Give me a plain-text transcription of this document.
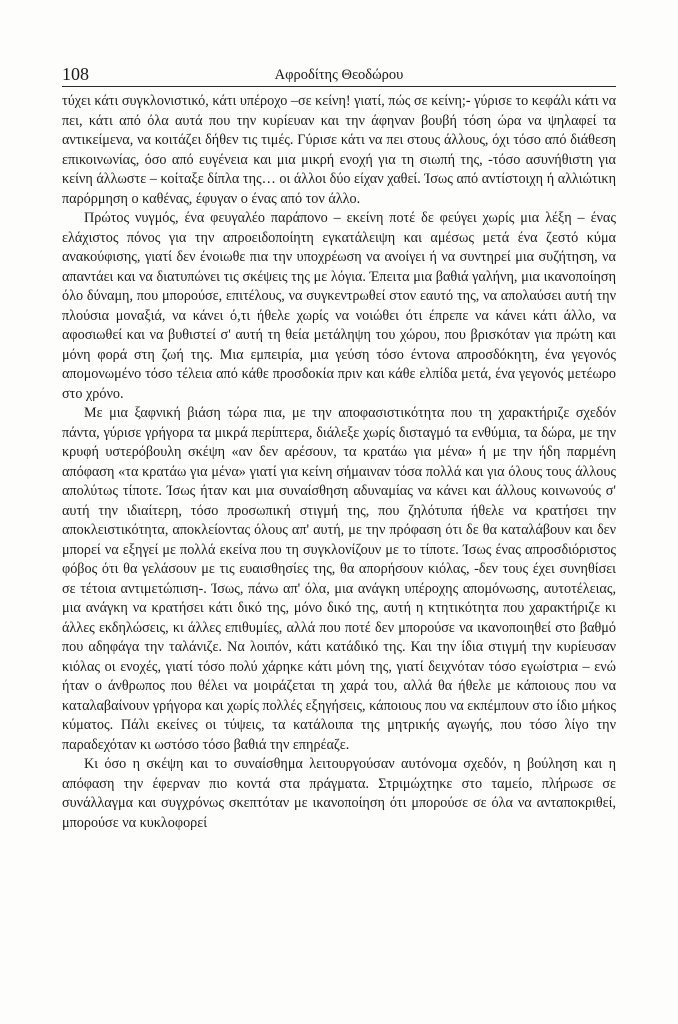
108	Αφροδίτης Θεοδώρου

τύχει κάτι συγκλονιστικό, κάτι υπέροχο –σε κείνη! γιατί, πώς σε κείνη;- γύρισε το κεφάλι κάτι να πει, κάτι από όλα αυτά που την κυρίευαν και την άφηναν βουβή τόση ώρα να ψηλαφεί τα αντικείμενα, να κοιτάζει δήθεν τις τιμές. Γύρισε κάτι να πει στους άλλους, όχι τόσο από διάθεση επικοινωνίας, όσο από ευγένεια και μια μικρή ενοχή για τη σιωπή της, -τόσο ασυνήθιστη για κείνη άλλωστε – κοίταξε δίπλα της… οι άλλοι δύο είχαν χαθεί. Ίσως από αντίστοιχη ή αλλιώτικη παρόρμηση ο καθένας, έφυγαν ο ένας από τον άλλο.

Πρώτος νυγμός, ένα φευγαλέο παράπονο – εκείνη ποτέ δε φεύγει χωρίς μια λέξη – ένας ελάχιστος πόνος για την απροειδοποίητη εγκατάλειψη και αμέσως μετά ένα ζεστό κύμα ανακούφισης, γιατί δεν ένοιωθε πια την υποχρέωση να ανοίγει ή να συντηρεί μια συζήτηση, να απαντάει και να διατυπώνει τις σκέψεις της με λόγια. Έπειτα μια βαθιά γαλήνη, μια ικανοποίηση όλο δύναμη, που μπορούσε, επιτέλους, να συγκεντρωθεί στον εαυτό της, να απολαύσει αυτή την πλούσια μοναξιά, να κάνει ό,τι ήθελε χωρίς να νοιώθει ότι έπρεπε να κάνει κάτι άλλο, να αφοσιωθεί και να βυθιστεί σ' αυτή τη θεία μετάληψη του χώρου, που βρισκόταν για πρώτη και μόνη φορά στη ζωή της. Μια εμπειρία, μια γεύση τόσο έντονα απροσδόκητη, ένα γεγονός απομονωμένο τόσο τέλεια από κάθε προσδοκία πριν και κάθε ελπίδα μετά, ένα γεγονός μετέωρο στο χρόνο.

Με μια ξαφνική βιάση τώρα πια, με την αποφασιστικότητα που τη χαρακτήριζε σχεδόν πάντα, γύρισε γρήγορα τα μικρά περίπτερα, διάλεξε χωρίς δισταγμό τα ενθύμια, τα δώρα, με την κρυφή υστερόβουλη σκέψη «αν δεν αρέσουν, τα κρατάω για μένα» ή με την ήδη παρμένη απόφαση «τα κρατάω για μένα» γιατί για κείνη σήμαιναν τόσα πολλά και για όλους τους άλλους απολύτως τίποτε. Ίσως ήταν και μια συναίσθηση αδυναμίας να κάνει και άλλους κοινωνούς σ' αυτή την ιδιαίτερη, τόσο προσωπική στιγμή της, που ζηλότυπα ήθελε να κρατήσει την αποκλειστικότητα, αποκλείοντας όλους απ' αυτή, με την πρόφαση ότι δε θα καταλάβουν και δεν μπορεί να εξηγεί με πολλά εκείνα που τη συγκλονίζουν με το τίποτε. Ίσως ένας απροσδιόριστος φόβος ότι θα γελάσουν με τις ευαισθησίες της, θα απορήσουν κιόλας, -δεν τους έχει συνηθίσει σε τέτοια αντιμετώπιση-. Ίσως, πάνω απ' όλα, μια ανάγκη υπέροχης απομόνωσης, αυτοτέλειας, μια ανάγκη να κρατήσει κάτι δικό της, μόνο δικό της, αυτή η κτητικότητα που χαρακτήριζε κι άλλες εκδηλώσεις, κι άλλες επιθυμίες, αλλά που ποτέ δεν μπορούσε να ικανοποιηθεί στο βαθμό που αδηφάγα την ταλάνιζε. Να λοιπόν, κάτι κατάδικό της. Και την ίδια στιγμή την κυρίευσαν κιόλας οι ενοχές, γιατί τόσο πολύ χάρηκε κάτι μόνη της, γιατί δειχνόταν τόσο εγωίστρια – ενώ ήταν ο άνθρωπος που θέλει να μοιράζεται τη χαρά του, αλλά θα ήθελε με κάποιους που να καταλαβαίνουν γρήγορα και χωρίς πολλές εξηγήσεις, κάποιους που να εκπέμπουν στο ίδιο μήκος κύματος. Πάλι εκείνες οι τύψεις, τα κατάλοιπα της μητρικής αγωγής, που τόσο λίγο την παραδεχόταν κι ωστόσο τόσο βαθιά την επηρέαζε.

Κι όσο η σκέψη και το συναίσθημα λειτουργούσαν αυτόνομα σχεδόν, η βούληση και η απόφαση την έφερναν πιο κοντά στα πράγματα. Στριμώχτηκε στο ταμείο, πλήρωσε σε συνάλλαγμα και συγχρόνως σκεπτόταν με ικανοποίηση ότι μπορούσε σε όλα να ανταποκριθεί, μπορούσε να κυκλοφορεί
